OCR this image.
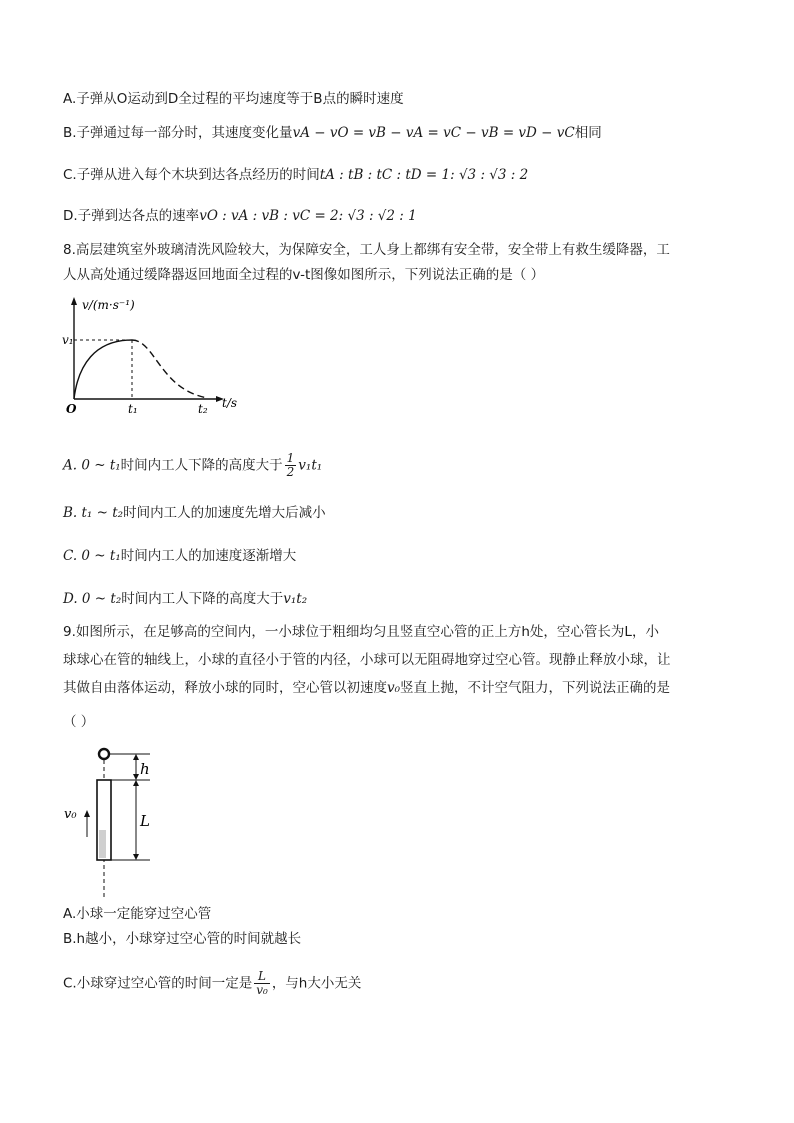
A.子弹从O运动到D全过程的平均速度等于B点的瞬时速度
B.子弹通过每一部分时，其速度变化量vA − vO = vB − vA = vC − vB = vD − vC相同
C.子弹从进入每个木块到达各点经历的时间tA : tB : tC : tD = 1: √3 : √3 : 2
D.子弹到达各点的速率vO : vA : vB : vC = 2: √3 : √2 : 1
8.高层建筑室外玻璃清洗风险较大，为保障安全，工人身上都绑有安全带，安全带上有救生缓降器，工
人从高处通过缓降器返回地面全过程的v-t图像如图所示，下列说法正确的是（ ）
v/(m·s⁻¹)
t/s
O
v₁
t₁	t₂
A. 0 ~ t₁时间内工人下降的高度大于 $\frac{1}{2} v_1t_1$
B. t₁ ~ t₂时间内工人的加速度先增大后减小
C. 0 ~ t₁时间内工人的加速度逐渐增大
D. 0 ~ t₂时间内工人下降的高度大于v₁t₂
9.如图所示，在足够高的空间内，一小球位于粗细均匀且竖直空心管的正上方h处，空心管长为L，小
球球心在管的轴线上，小球的直径小于管的内径，小球可以无阻碍地穿过空心管。现静止释放小球，让
其做自由落体运动，释放小球的同时，空心管以初速度v₀竖直上抛，不计空气阻力，下列说法正确的是
（ ）
h
L
v₀
A.小球一定能穿过空心管
B.h越小，小球穿过空心管的时间就越长
C.小球穿过空心管的时间一定是 $\frac{L}{\text{v₀}}$ ，与h大小无关
